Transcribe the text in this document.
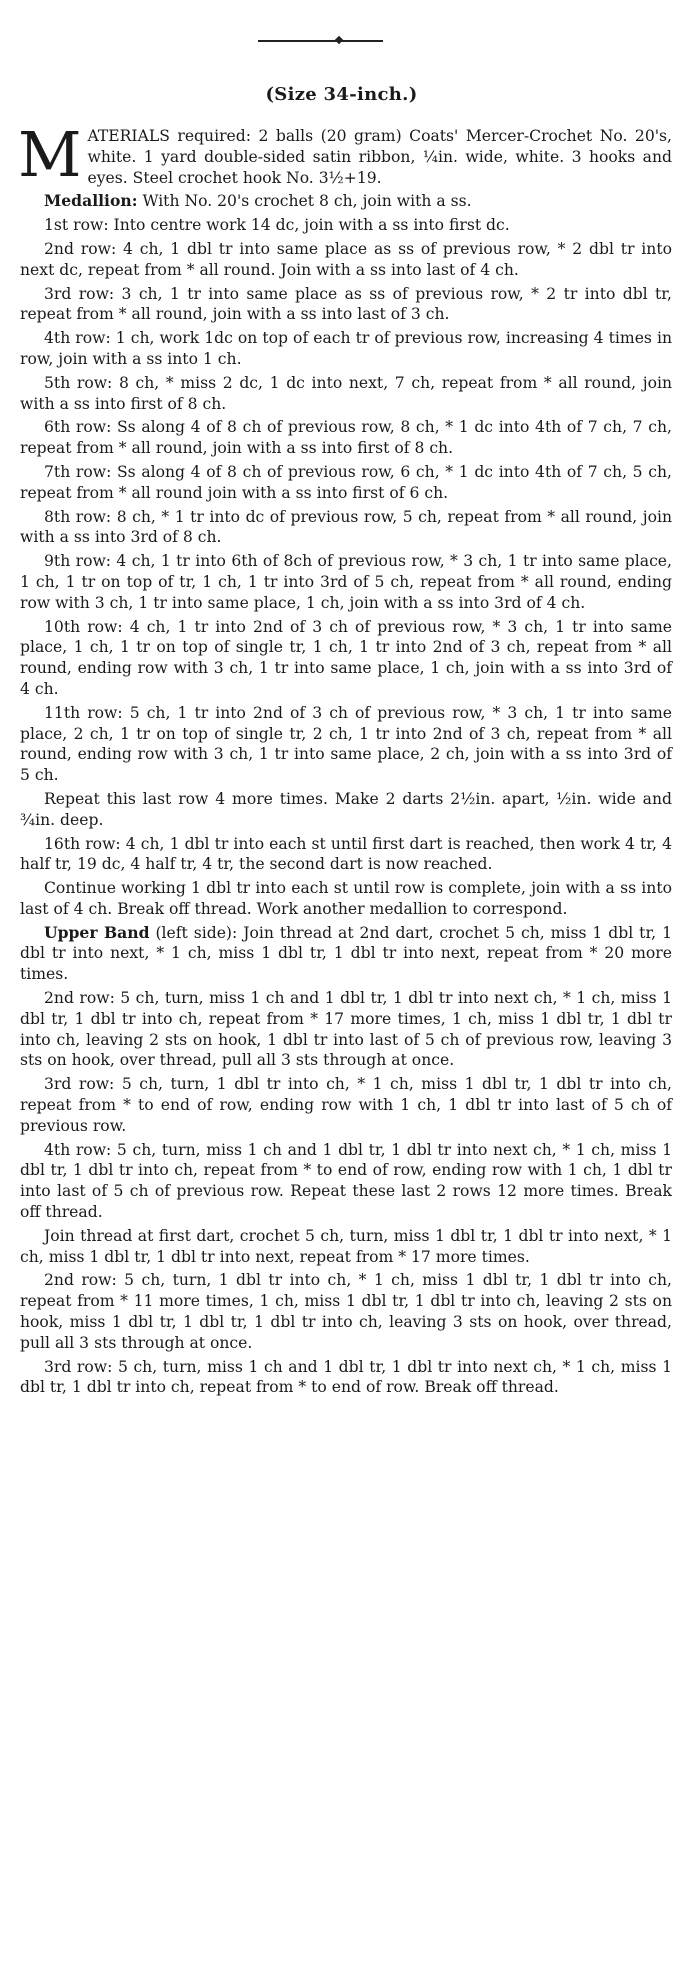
(Size 34-inch.)

MATERIALS required: 2 balls (20 gram) Coats' Mercer-Crochet No. 20's, white. 1 yard double-sided satin ribbon, ¼in. wide, white. 3 hooks and eyes. Steel crochet hook No. 3½+19.

Medallion: With No. 20's crochet 8 ch, join with a ss.

1st row: Into centre work 14 dc, join with a ss into first dc.

2nd row: 4 ch, 1 dbl tr into same place as ss of previous row, * 2 dbl tr into next dc, repeat from * all round. Join with a ss into last of 4 ch.

3rd row: 3 ch, 1 tr into same place as ss of previous row, * 2 tr into dbl tr, repeat from * all round, join with a ss into last of 3 ch.

4th row: 1 ch, work 1dc on top of each tr of previous row, increasing 4 times in row, join with a ss into 1 ch.

5th row: 8 ch, * miss 2 dc, 1 dc into next, 7 ch, repeat from * all round, join with a ss into first of 8 ch.

6th row: Ss along 4 of 8 ch of previous row, 8 ch, * 1 dc into 4th of 7 ch, 7 ch, repeat from * all round, join with a ss into first of 8 ch.

7th row: Ss along 4 of 8 ch of previous row, 6 ch, * 1 dc into 4th of 7 ch, 5 ch, repeat from * all round join with a ss into first of 6 ch.

8th row: 8 ch, * 1 tr into dc of previous row, 5 ch, repeat from * all round, join with a ss into 3rd of 8 ch.

9th row: 4 ch, 1 tr into 6th of 8ch of previous row, * 3 ch, 1 tr into same place, 1 ch, 1 tr on top of tr, 1 ch, 1 tr into 3rd of 5 ch, repeat from * all round, ending row with 3 ch, 1 tr into same place, 1 ch, join with a ss into 3rd of 4 ch.

10th row: 4 ch, 1 tr into 2nd of 3 ch of previous row, * 3 ch, 1 tr into same place, 1 ch, 1 tr on top of single tr, 1 ch, 1 tr into 2nd of 3 ch, repeat from * all round, ending row with 3 ch, 1 tr into same place, 1 ch, join with a ss into 3rd of 4 ch.

11th row: 5 ch, 1 tr into 2nd of 3 ch of previous row, * 3 ch, 1 tr into same place, 2 ch, 1 tr on top of single tr, 2 ch, 1 tr into 2nd of 3 ch, repeat from * all round, ending row with 3 ch, 1 tr into same place, 2 ch, join with a ss into 3rd of 5 ch.

Repeat this last row 4 more times. Make 2 darts 2½in. apart, ½in. wide and ¾in. deep.

16th row: 4 ch, 1 dbl tr into each st until first dart is reached, then work 4 tr, 4 half tr, 19 dc, 4 half tr, 4 tr, the second dart is now reached.

Continue working 1 dbl tr into each st until row is complete, join with a ss into last of 4 ch. Break off thread. Work another medallion to correspond.

Upper Band (left side): Join thread at 2nd dart, crochet 5 ch, miss 1 dbl tr, 1 dbl tr into next, * 1 ch, miss 1 dbl tr, 1 dbl tr into next, repeat from * 20 more times.

2nd row: 5 ch, turn, miss 1 ch and 1 dbl tr, 1 dbl tr into next ch, * 1 ch, miss 1 dbl tr, 1 dbl tr into ch, repeat from * 17 more times, 1 ch, miss 1 dbl tr, 1 dbl tr into ch, leaving 2 sts on hook, 1 dbl tr into last of 5 ch of previous row, leaving 3 sts on hook, over thread, pull all 3 sts through at once.

3rd row: 5 ch, turn, 1 dbl tr into ch, * 1 ch, miss 1 dbl tr, 1 dbl tr into ch, repeat from * to end of row, ending row with 1 ch, 1 dbl tr into last of 5 ch of previous row.

4th row: 5 ch, turn, miss 1 ch and 1 dbl tr, 1 dbl tr into next ch, * 1 ch, miss 1 dbl tr, 1 dbl tr into ch, repeat from * to end of row, ending row with 1 ch, 1 dbl tr into last of 5 ch of previous row. Repeat these last 2 rows 12 more times. Break off thread.

Join thread at first dart, crochet 5 ch, turn, miss 1 dbl tr, 1 dbl tr into next, * 1 ch, miss 1 dbl tr, 1 dbl tr into next, repeat from * 17 more times.

2nd row: 5 ch, turn, 1 dbl tr into ch, * 1 ch, miss 1 dbl tr, 1 dbl tr into ch, repeat from * 11 more times, 1 ch, miss 1 dbl tr, 1 dbl tr into ch, leaving 2 sts on hook, miss 1 dbl tr, 1 dbl tr, 1 dbl tr into ch, leaving 3 sts on hook, over thread, pull all 3 sts through at once.

3rd row: 5 ch, turn, miss 1 ch and 1 dbl tr, 1 dbl tr into next ch, * 1 ch, miss 1 dbl tr, 1 dbl tr into ch, repeat from * to end of row. Break off thread.
